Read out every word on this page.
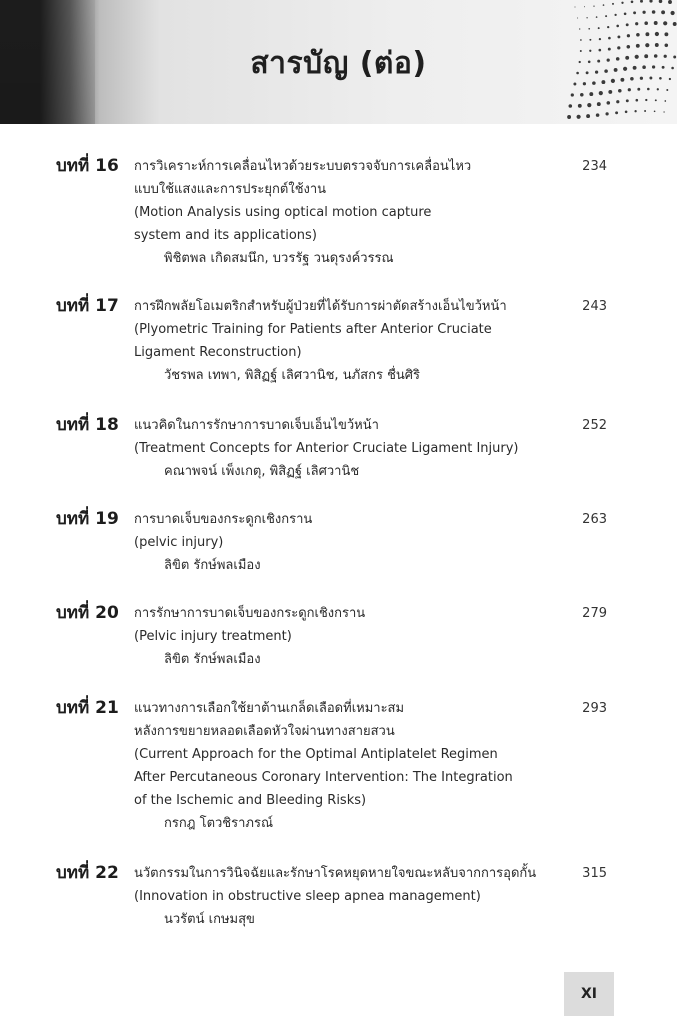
สารบัญ (ต่อ)
บทที่ 16 การวิเคราะห์การเคลื่อนไหวด้วยระบบตรวจจับการเคลื่อนไหว
แบบใช้แสงและการประยุกต์ใช้งาน
(Motion Analysis using optical motion capture
system and its applications)
พิชิตพล เกิดสมนึก, บวรรัฐ วนดุรงค์วรรณ
234
บทที่ 17 การฝึกพลัยโอเมตริกสำหรับผู้ป่วยที่ได้รับการผ่าตัดสร้างเอ็นไขว้หน้า
(Plyometric Training for Patients after Anterior Cruciate
Ligament Reconstruction)
วัชรพล เทพา, พิสิฏฐ์ เลิศวานิช, นภัสกร ชื่นศิริ
243
บทที่ 18 แนวคิดในการรักษาการบาดเจ็บเอ็นไขว้หน้า
(Treatment Concepts for Anterior Cruciate Ligament Injury)
คณาพจน์ เพ็งเกตุ, พิสิฏฐ์ เลิศวานิช
252
บทที่ 19 การบาดเจ็บของกระดูกเชิงกราน
(pelvic injury)
ลิขิต รักษ์พลเมือง
263
บทที่ 20 การรักษาการบาดเจ็บของกระดูกเชิงกราน
(Pelvic injury treatment)
ลิขิต รักษ์พลเมือง
279
บทที่ 21 แนวทางการเลือกใช้ยาต้านเกล็ดเลือดที่เหมาะสม
หลังการขยายหลอดเลือดหัวใจผ่านทางสายสวน
(Current Approach for the Optimal Antiplatelet Regimen
After Percutaneous Coronary Intervention: The Integration
of the Ischemic and Bleeding Risks)
กรกฎ โตวชิราภรณ์
293
บทที่ 22 นวัตกรรมในการวินิจฉัยและรักษาโรคหยุดหายใจขณะหลับจากการอุดกั้น
(Innovation in obstructive sleep apnea management)
นวรัตน์ เกษมสุข
315
XI
